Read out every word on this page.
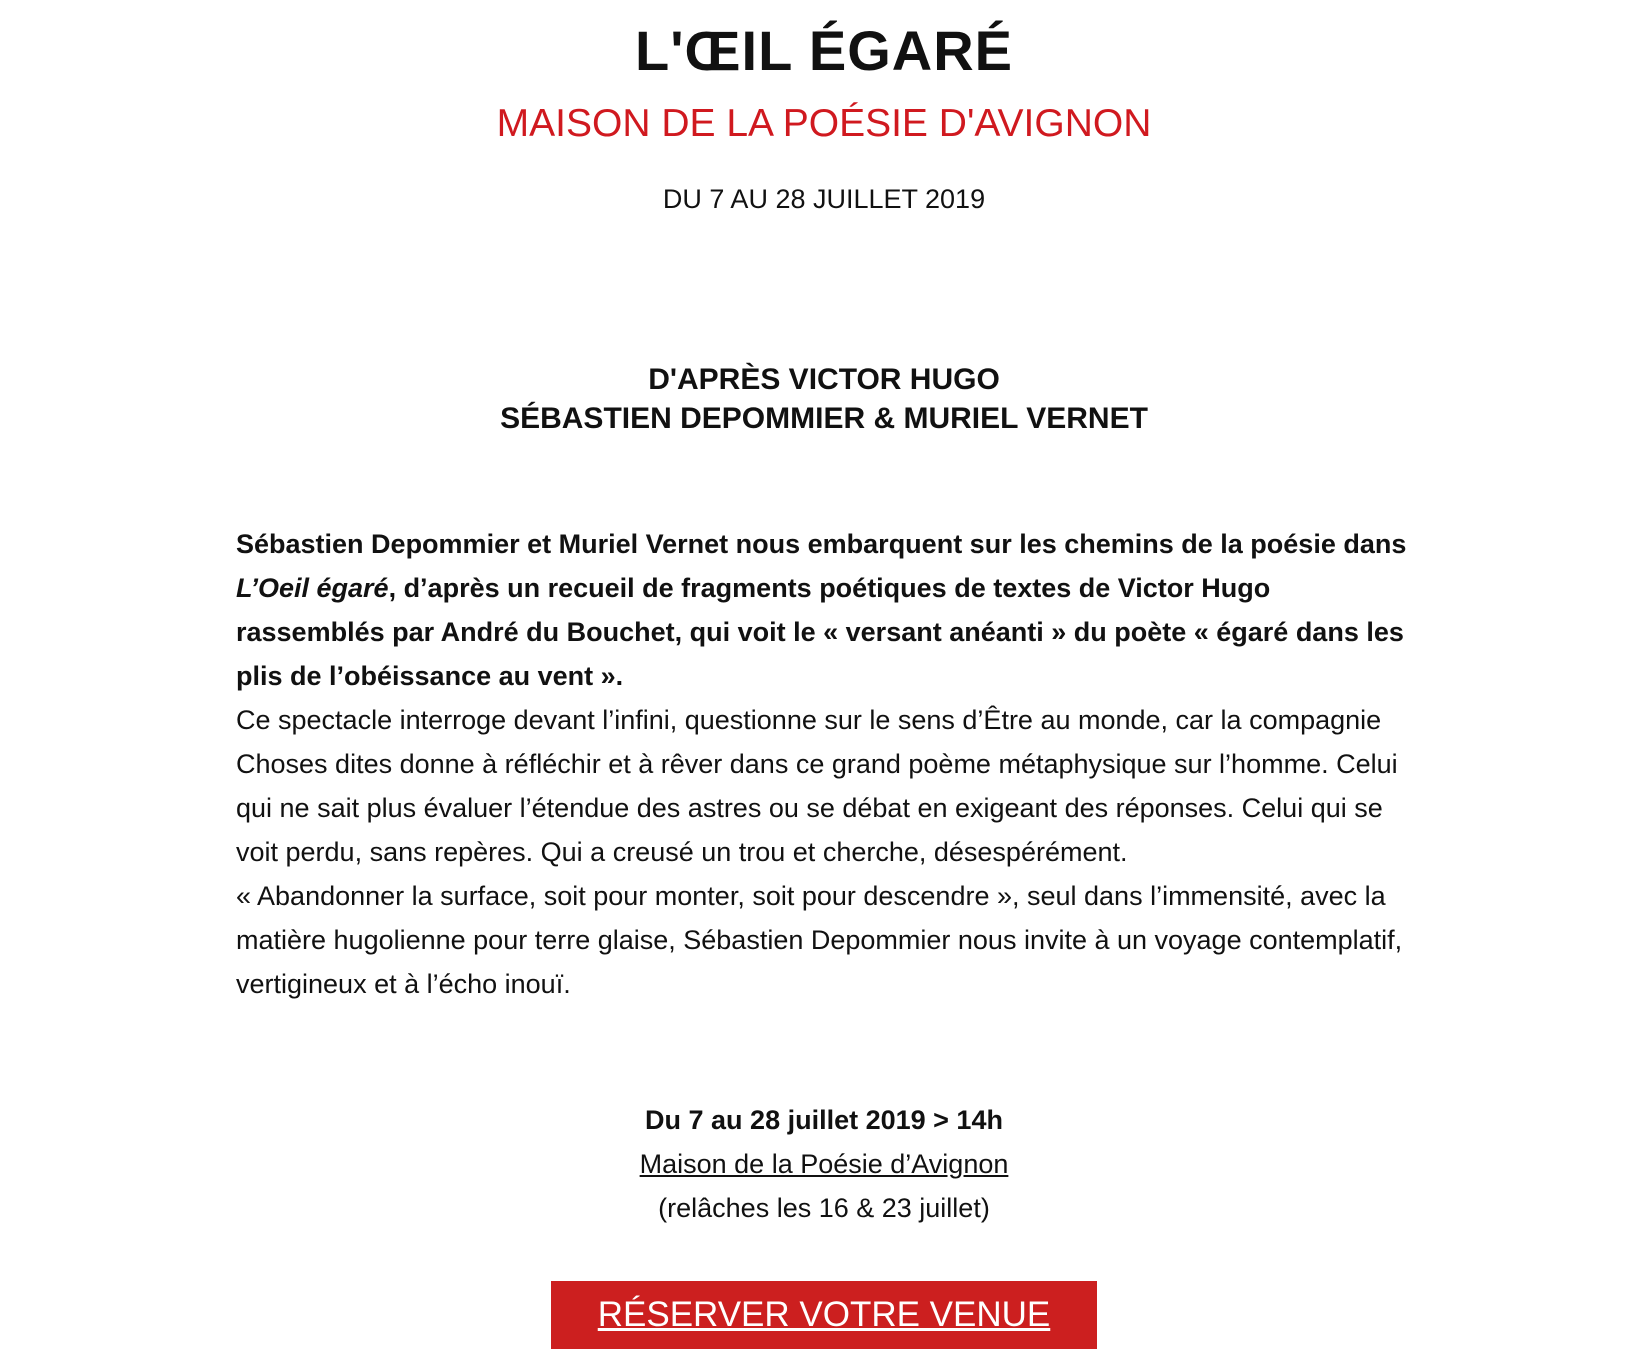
L'ŒIL ÉGARÉ
MAISON DE LA POÉSIE D'AVIGNON
DU 7 AU 28 JUILLET 2019
D'APRÈS VICTOR HUGO
SÉBASTIEN DEPOMMIER & MURIEL VERNET

Sébastien Depommier et Muriel Vernet nous embarquent sur les chemins de la poésie dans L’Oeil égaré, d’après un recueil de fragments poétiques de textes de Victor Hugo rassemblés par André du Bouchet, qui voit le « versant anéanti » du poète « égaré dans les plis de l’obéissance au vent ».

Ce spectacle interroge devant l’infini, questionne sur le sens d’Être au monde, car la compagnie Choses dites donne à réfléchir et à rêver dans ce grand poème métaphysique sur l’homme. Celui qui ne sait plus évaluer l’étendue des astres ou se débat en exigeant des réponses. Celui qui se voit perdu, sans repères. Qui a creusé un trou et cherche, désespérément.

« Abandonner la surface, soit pour monter, soit pour descendre », seul dans l’immensité, avec la matière hugolienne pour terre glaise, Sébastien Depommier nous invite à un voyage contemplatif, vertigineux et à l’écho inouï.

Du 7 au 28 juillet 2019 > 14h
Maison de la Poésie d’Avignon
(relâches les 16 & 23 juillet)
RÉSERVER VOTRE VENUE
